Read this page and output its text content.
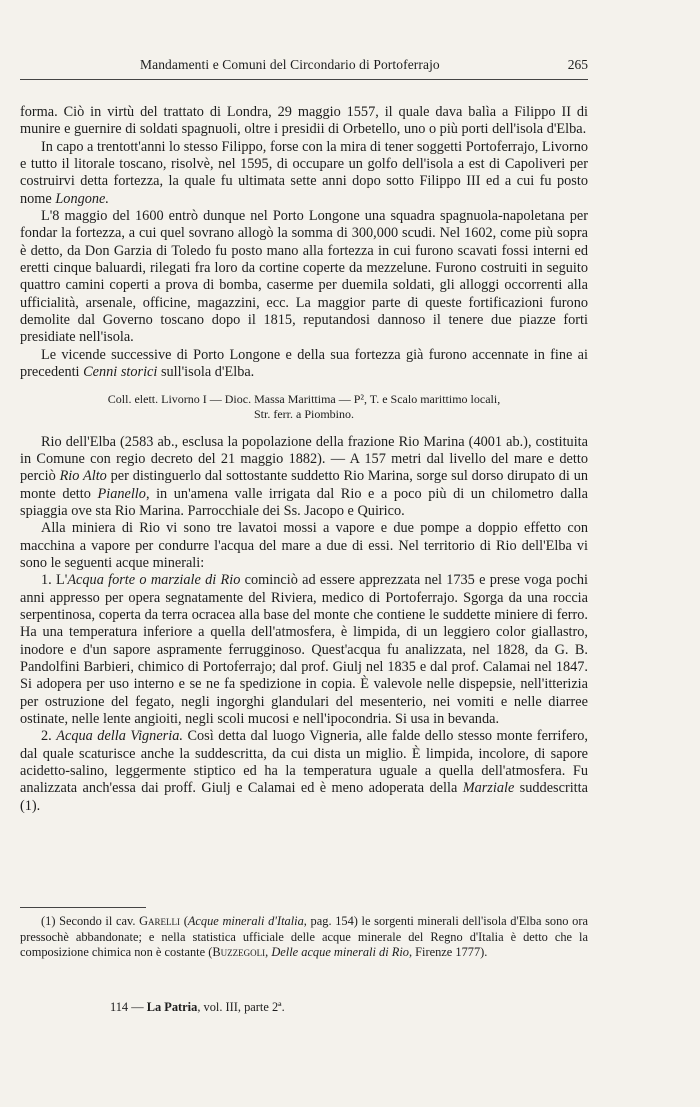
Mandamenti e Comuni del Circondario di Portoferrajo	265

forma. Ciò in virtù del trattato di Londra, 29 maggio 1557, il quale dava balìa a Filippo II di munire e guernire di soldati spagnuoli, oltre i presidii di Orbetello, uno o più porti dell'isola d'Elba.

In capo a trentott'anni lo stesso Filippo, forse con la mira di tener soggetti Portoferrajo, Livorno e tutto il litorale toscano, risolvè, nel 1595, di occupare un golfo dell'isola a est di Capoliveri per costruirvi detta fortezza, la quale fu ultimata sette anni dopo sotto Filippo III ed a cui fu posto nome Longone.

L'8 maggio del 1600 entrò dunque nel Porto Longone una squadra spagnuola-napoletana per fondar la fortezza, a cui quel sovrano allogò la somma di 300,000 scudi. Nel 1602, come più sopra è detto, da Don Garzia di Toledo fu posto mano alla fortezza in cui furono scavati fossi interni ed eretti cinque baluardi, rilegati fra loro da cortine coperte da mezzelune. Furono costruiti in seguito quattro camini coperti a prova di bomba, caserme per duemila soldati, gli alloggi occorrenti alla ufficialità, arsenale, officine, magazzini, ecc. La maggior parte di queste fortificazioni furono demolite dal Governo toscano dopo il 1815, reputandosi dannoso il tenere due piazze forti presidiate nell'isola.

Le vicende successive di Porto Longone e della sua fortezza già furono accennate in fine ai precedenti Cenni storici sull'isola d'Elba.

Coll. elett. Livorno I — Dioc. Massa Marittima — P², T. e Scalo marittimo locali,
Str. ferr. a Piombino.

Rio dell'Elba (2583 ab., esclusa la popolazione della frazione Rio Marina (4001 ab.), costituita in Comune con regio decreto del 21 maggio 1882). — A 157 metri dal livello del mare e detto perciò Rio Alto per distinguerlo dal sottostante suddetto Rio Marina, sorge sul dorso dirupato di un monte detto Pianello, in un'amena valle irrigata dal Rio e a poco più di un chilometro dalla spiaggia ove sta Rio Marina. Parrocchiale dei Ss. Jacopo e Quirico.

Alla miniera di Rio vi sono tre lavatoi mossi a vapore e due pompe a doppio effetto con macchina a vapore per condurre l'acqua del mare a due di essi. Nel territorio di Rio dell'Elba vi sono le seguenti acque minerali:

1. L'Acqua forte o marziale di Rio cominciò ad essere apprezzata nel 1735 e prese voga pochi anni appresso per opera segnatamente del Riviera, medico di Portoferrajo. Sgorga da una roccia serpentinosa, coperta da terra ocracea alla base del monte che contiene le suddette miniere di ferro. Ha una temperatura inferiore a quella dell'atmosfera, è limpida, di un leggiero color giallastro, inodore e d'un sapore aspramente ferrugginoso. Quest'acqua fu analizzata, nel 1828, da G. B. Pandolfini Barbieri, chimico di Portoferrajo; dal prof. Giulj nel 1835 e dal prof. Calamai nel 1847. Si adopera per uso interno e se ne fa spedizione in copia. È valevole nelle dispepsie, nell'itterizia per ostruzione del fegato, negli ingorghi glandulari del mesenterio, nei vomiti e nelle diarree ostinate, nelle lente angioiti, negli scoli mucosi e nell'ipocondria. Si usa in bevanda.

2. Acqua della Vigneria. Così detta dal luogo Vigneria, alle falde dello stesso monte ferrifero, dal quale scaturisce anche la suddescritta, da cui dista un miglio. È limpida, incolore, di sapore acidetto-salino, leggermente stiptico ed ha la temperatura uguale a quella dell'atmosfera. Fu analizzata anch'essa dai proff. Giulj e Calamai ed è meno adoperata della Marziale suddescritta (1).

(1) Secondo il cav. Garelli (Acque minerali d'Italia, pag. 154) le sorgenti minerali dell'isola d'Elba sono ora pressochè abbandonate; e nella statistica ufficiale delle acque minerale del Regno d'Italia è detto che la composizione chimica non è costante (Buzzegoli, Delle acque minerali di Rio, Firenze 1777).

114 — La Patria, vol. III, parte 2ª.
